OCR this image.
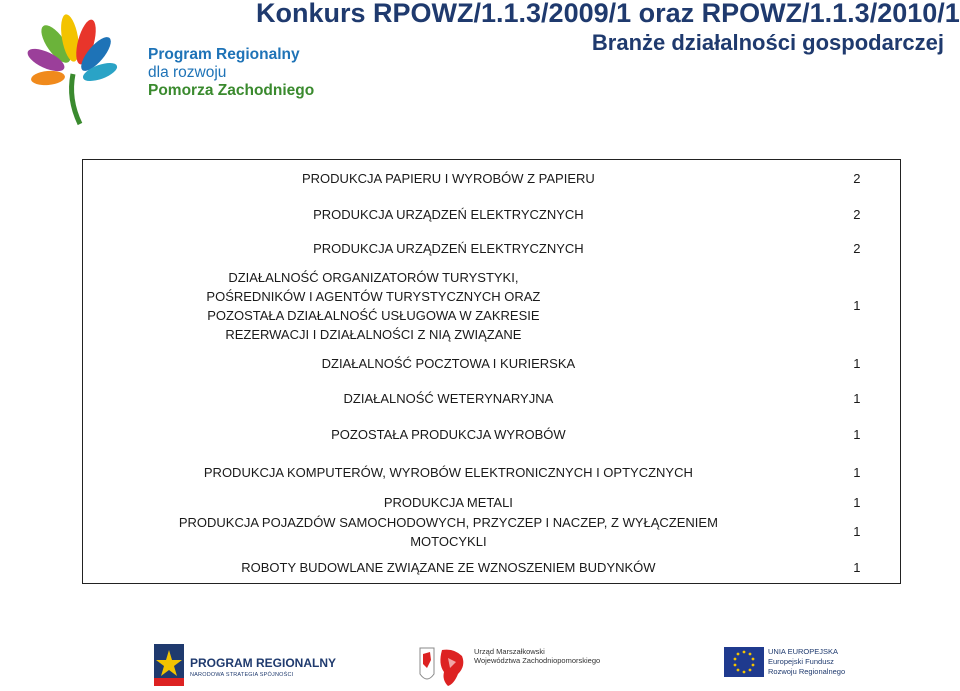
Konkurs RPOWZ/1.1.3/2009/1 oraz RPOWZ/1.1.3/2010/1
Branże działalności gospodarczej
Program Regionalny
dla rozwoju
Pomorza Zachodniego
PRODUKCJA PAPIERU I WYROBÓW Z PAPIERU	2
PRODUKCJA URZĄDZEŃ ELEKTRYCZNYCH	2
PRODUKCJA URZĄDZEŃ ELEKTRYCZNYCH	2
DZIAŁALNOŚĆ ORGANIZATORÓW TURYSTYKI, POŚREDNIKÓW I AGENTÓW TURYSTYCZNYCH ORAZ POZOSTAŁA DZIAŁALNOŚĆ USŁUGOWA W ZAKRESIE REZERWACJI I DZIAŁALNOŚCI Z NIĄ ZWIĄZANE	1
DZIAŁALNOŚĆ POCZTOWA I KURIERSKA	1
DZIAŁALNOŚĆ WETERYNARYJNA	1
POZOSTAŁA PRODUKCJA WYROBÓW	1
PRODUKCJA KOMPUTERÓW, WYROBÓW ELEKTRONICZNYCH I OPTYCZNYCH	1
PRODUKCJA METALI	1
PRODUKCJA POJAZDÓW SAMOCHODOWYCH, PRZYCZEP I NACZEP, Z WYŁĄCZENIEM MOTOCYKLI	1
ROBOTY BUDOWLANE ZWIĄZANE ZE WZNOSZENIEM BUDYNKÓW	1
PROGRAM REGIONALNY
NARODOWA STRATEGIA SPÓJNOŚCI
Urząd Marszałkowski
Województwa Zachodniopomorskiego
UNIA EUROPEJSKA
Europejski Fundusz
Rozwoju Regionalnego
